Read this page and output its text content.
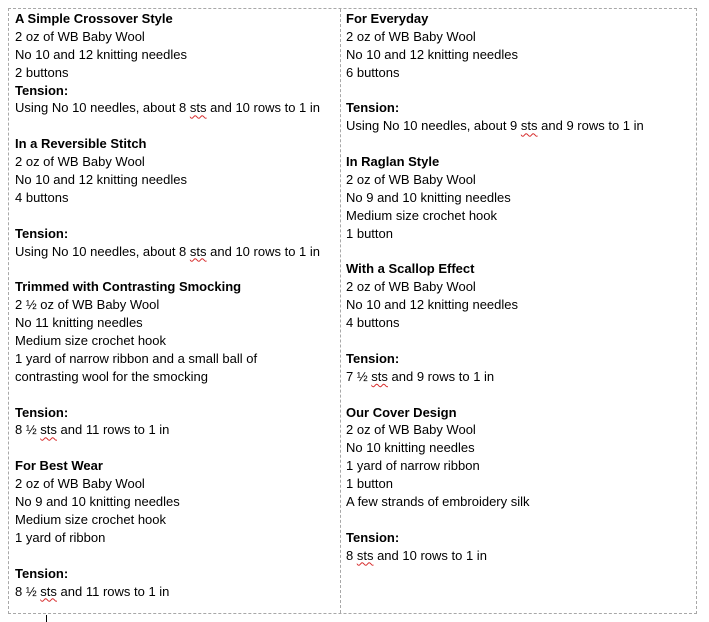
A Simple Crossover Style
2 oz of WB Baby Wool
No 10 and 12 knitting needles
2 buttons
Tension:
Using No 10 needles, about 8 sts and 10 rows to 1 in
In a Reversible Stitch
2 oz of WB Baby Wool
No 10 and 12 knitting needles
4 buttons
Tension:
Using No 10 needles, about 8 sts and 10 rows to 1 in
Trimmed with Contrasting Smocking
2 ½ oz of WB Baby Wool
No 11 knitting needles
Medium size crochet hook
1 yard of narrow ribbon and a small ball of
contrasting wool for the smocking
Tension:
8 ½ sts and 11 rows to 1 in
For Best Wear
2 oz of WB Baby Wool
No 9 and 10 knitting needles
Medium size crochet hook
1 yard of ribbon
Tension:
8 ½ sts and 11 rows to 1 in
For Everyday
2 oz of WB Baby Wool
No 10 and 12 knitting needles
6 buttons
Tension:
Using No 10 needles, about 9 sts and 9 rows to 1 in
In Raglan Style
2 oz of WB Baby Wool
No 9 and 10 knitting needles
Medium size crochet hook
1 button
With a Scallop Effect
2 oz of WB Baby Wool
No 10 and 12 knitting needles
4 buttons
Tension:
7 ½ sts and 9 rows to 1 in
Our Cover Design
2 oz of WB Baby Wool
No 10 knitting needles
1 yard of narrow ribbon
1 button
A few strands of embroidery silk
Tension:
8 sts and 10 rows to 1 in
